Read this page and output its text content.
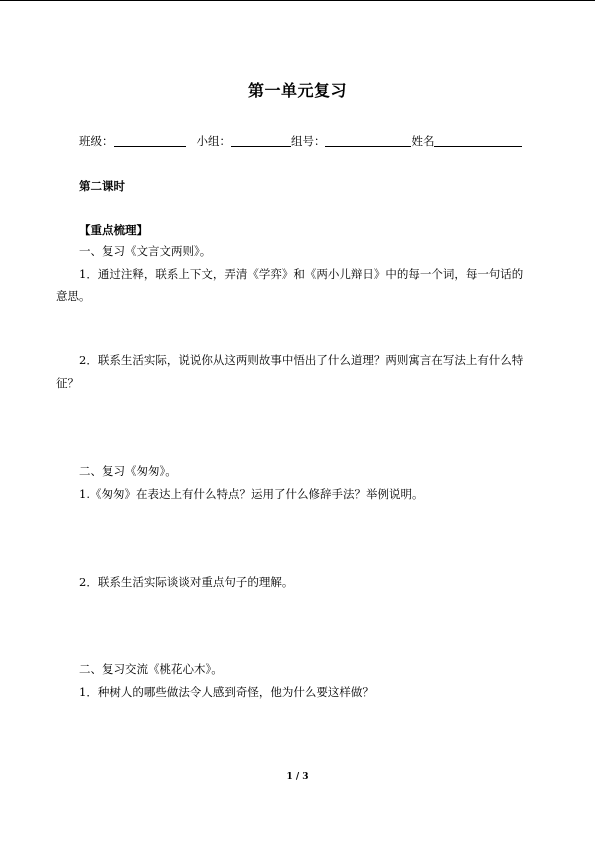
第一单元复习
班级：	小组：	组号：	姓名
第二课时
【重点梳理】
一、复习《文言文两则》。
1．通过注释，联系上下文，弄清《学弈》和《两小儿辩日》中的每一个词，每一句话的
意思。
2．联系生活实际，说说你从这两则故事中悟出了什么道理？两则寓言在写法上有什么特
征？
二、复习《匆匆》。
1.《匆匆》在表达上有什么特点？运用了什么修辞手法？举例说明。
2．联系生活实际谈谈对重点句子的理解。
二、复习交流《桃花心木》。
1．种树人的哪些做法令人感到奇怪，他为什么要这样做？
1 / 3
